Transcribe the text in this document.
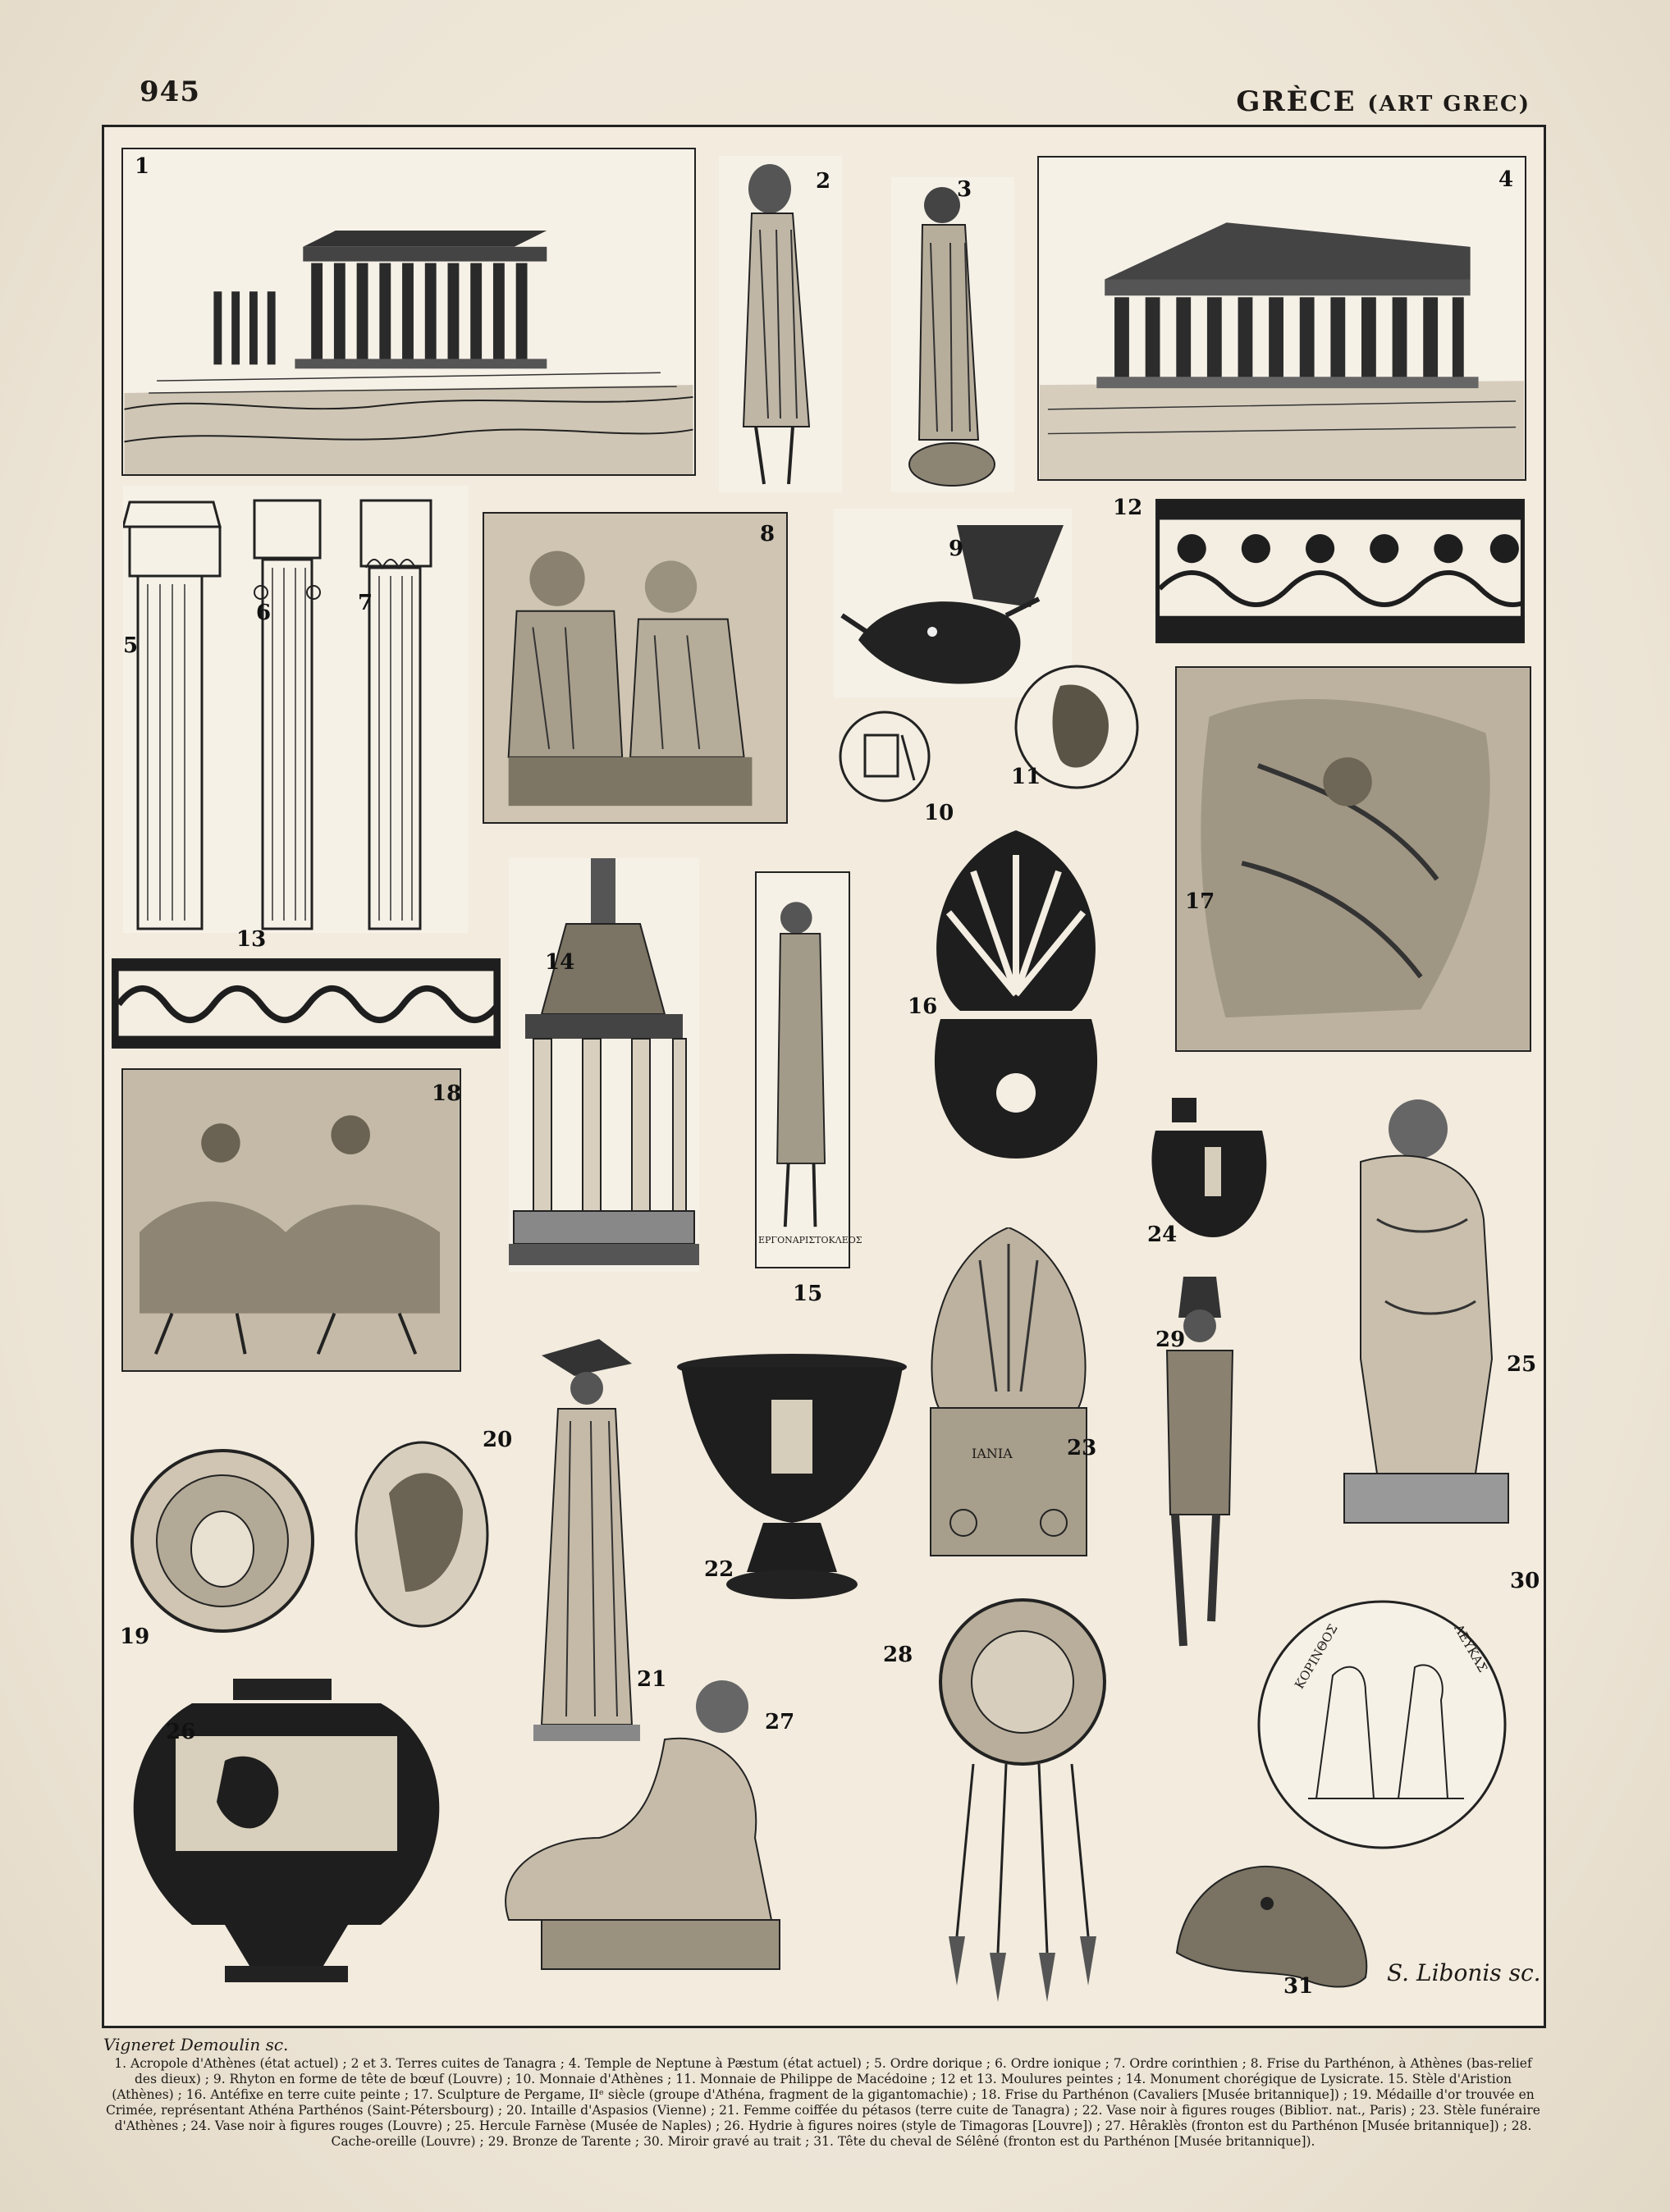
945	GRÈCE (ART GREC)
1
2	3	4
5
6	7
8
9
10
11
12
13
14
ΕΡΓΟΝΑΡΙΣΤΟΚΛΕΟΣ
15
16
17
18
19
20
21
22
ΙΑΝΙΑ	23
24
25
26	27
28
29
ΚΟΡΙΝΘΟΣ	ΛΕΥΚΑΣ
30
31	S. Libonis sc.
Vigneret Demoulin sc.
1. Acropole d'Athènes (état actuel) ; 2 et 3. Terres cuites de Tanagra ; 4. Temple de Neptune à Pæstum (état actuel) ; 5. Ordre dorique ; 6. Ordre ionique ; 7. Ordre corinthien ; 8. Frise du Parthénon, à Athènes (bas-relief des dieux) ; 9. Rhyton en forme de tête de bœuf (Louvre) ; 10. Monnaie d'Athènes ; 11. Monnaie de Philippe de Macédoine ; 12 et 13. Moulures peintes ; 14. Monument chorégique de Lysicrate. 15. Stèle d'Aristion (Athènes) ; 16. Antéfixe en terre cuite peinte ; 17. Sculpture de Pergame, IIᵉ siècle (groupe d'Athéna, fragment de la gigantomachie) ; 18. Frise du Parthénon (Cavaliers [Musée britannique]) ; 19. Médaille d'or trouvée en Crimée, représentant Athéna Parthénos (Saint-Pétersbourg) ; 20. Intaille d'Aspasios (Vienne) ; 21. Femme coiffée du pétasos (terre cuite de Tanagra) ; 22. Vase noir à figures rouges (Biblioт. nat., Paris) ; 23. Stèle funéraire d'Athènes ; 24. Vase noir à figures rouges (Louvre) ; 25. Hercule Farnèse (Musée de Naples) ; 26. Hydrie à figures noires (style de Timagoras [Louvre]) ; 27. Hêraklès (fronton est du Parthénon [Musée britannique]) ; 28. Cache-oreille (Louvre) ; 29. Bronze de Tarente ; 30. Miroir gravé au trait ; 31. Tête du cheval de Sélêné (fronton est du Parthénon [Musée britannique]).
